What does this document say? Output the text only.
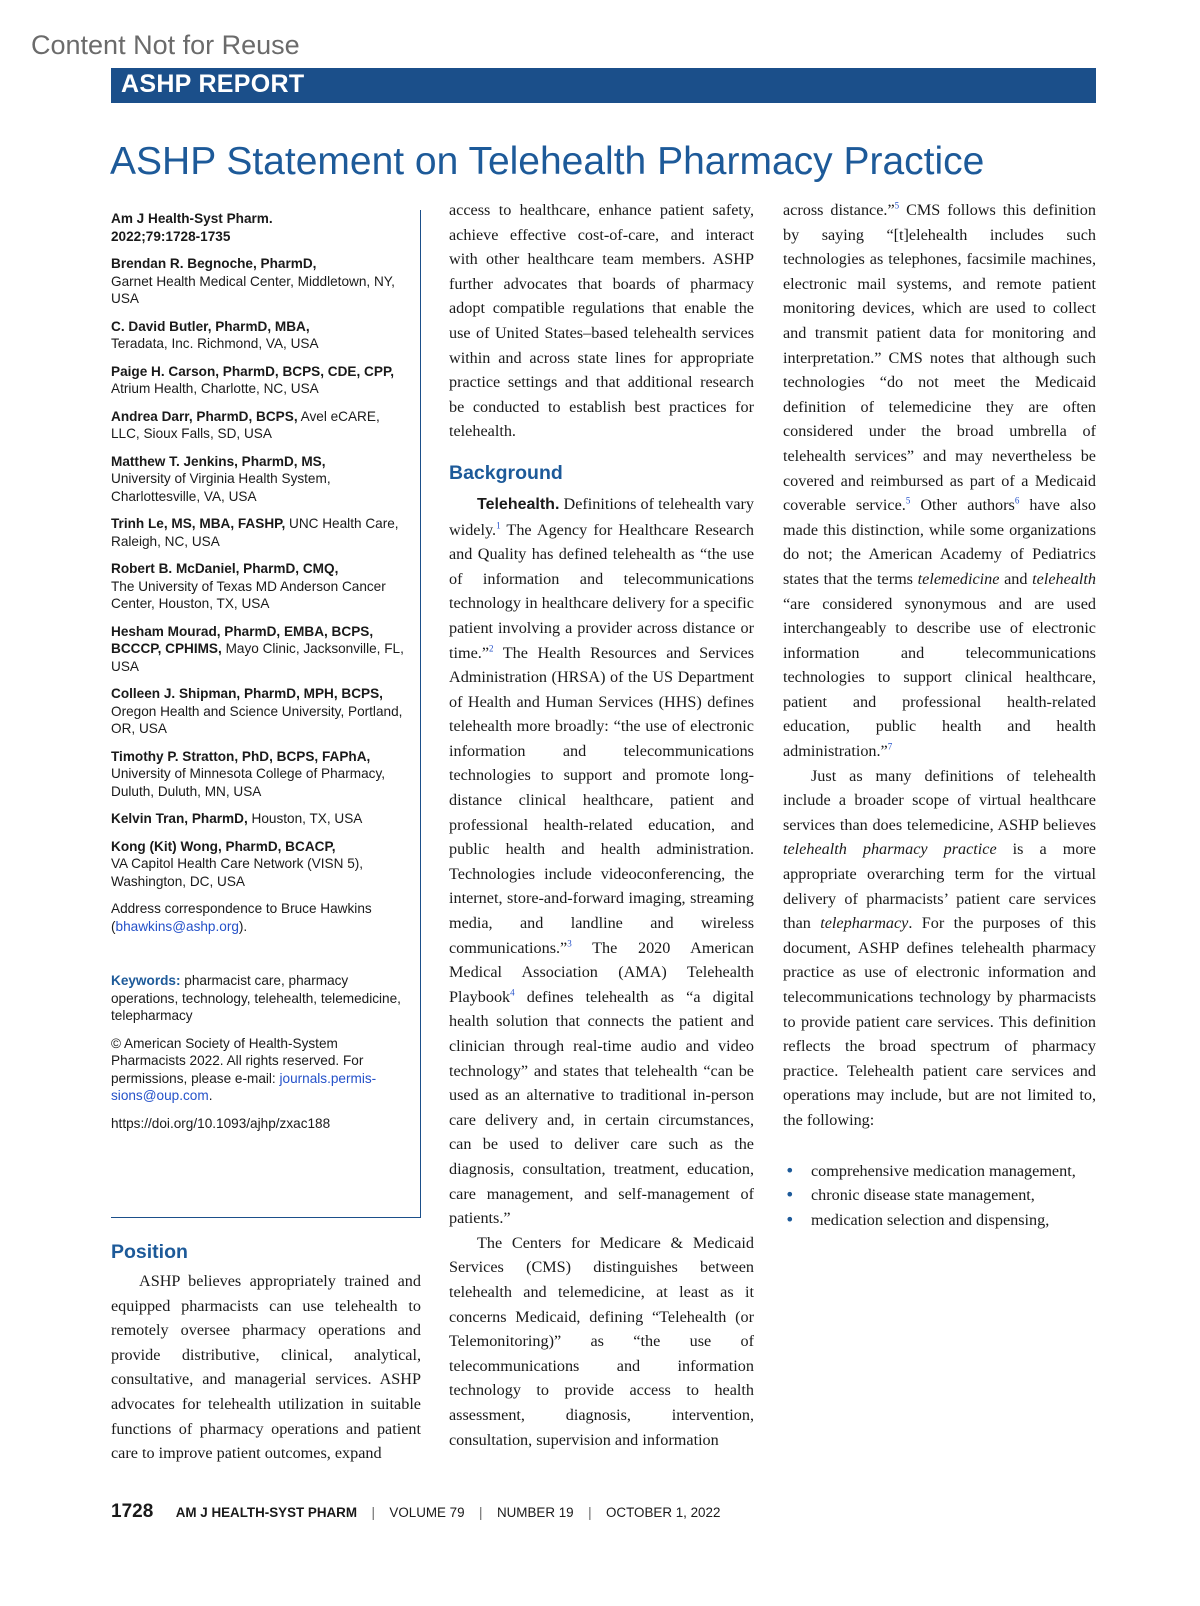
Content Not for Reuse
ASHP REPORT
ASHP Statement on Telehealth Pharmacy Practice

Am J Health-Syst Pharm.
2022;79:1728-1735

Brendan R. Begnoche, PharmD,
Garnet Health Medical Center, Middletown, NY, USA

C. David Butler, PharmD, MBA,
Teradata, Inc. Richmond, VA, USA

Paige H. Carson, PharmD, BCPS, CDE, CPP, Atrium Health, Charlotte, NC, USA

Andrea Darr, PharmD, BCPS, Avel eCARE, LLC, Sioux Falls, SD, USA

Matthew T. Jenkins, PharmD, MS,
University of Virginia Health System, Charlottesville, VA, USA

Trinh Le, MS, MBA, FASHP, UNC Health Care, Raleigh, NC, USA

Robert B. McDaniel, PharmD, CMQ,
The University of Texas MD Anderson Cancer Center, Houston, TX, USA

Hesham Mourad, PharmD, EMBA, BCPS, BCCCP, CPHIMS, Mayo Clinic, Jacksonville, FL, USA

Colleen J. Shipman, PharmD, MPH, BCPS, Oregon Health and Science University, Portland, OR, USA

Timothy P. Stratton, PhD, BCPS, FAPhA, University of Minnesota College of Pharmacy, Duluth, Duluth, MN, USA

Kelvin Tran, PharmD, Houston, TX, USA

Kong (Kit) Wong, PharmD, BCACP,
VA Capitol Health Care Network (VISN 5), Washington, DC, USA

Address correspondence to Bruce Hawkins (bhawkins@ashp.org).

Keywords: pharmacist care, pharmacy operations, technology, telehealth, telemedicine, telepharmacy

© American Society of Health-System Pharmacists 2022. All rights reserved. For permissions, please e-mail: journals.permis-sions@oup.com.

https://doi.org/10.1093/ajhp/zxac188

Position

ASHP believes appropriately trained and equipped pharmacists can use telehealth to remotely oversee pharmacy operations and provide distributive, clinical, analytical, consultative, and managerial services. ASHP advocates for telehealth utilization in suitable functions of pharmacy operations and patient care to improve patient outcomes, expand

access to healthcare, enhance patient safety, achieve effective cost-of-care, and interact with other healthcare team members. ASHP further advocates that boards of pharmacy adopt compatible regulations that enable the use of United States–based telehealth services within and across state lines for appropriate practice settings and that additional research be conducted to establish best practices for telehealth.

Background

Telehealth. Definitions of telehealth vary widely.$^1$ The Agency for Healthcare Research and Quality has defined telehealth as “the use of information and telecommunications technology in healthcare delivery for a specific patient involving a provider across distance or time.”$^2$ The Health Resources and Services Administration (HRSA) of the US Department of Health and Human Services (HHS) defines telehealth more broadly: “the use of electronic information and telecommunications technologies to support and promote long-distance clinical healthcare, patient and professional health-related education, and public health and health administration. Technologies include videoconferencing, the internet, store-and-forward imaging, streaming media, and landline and wireless communications.”$^3$ The 2020 American Medical Association (AMA) Telehealth Playbook$^4$ defines telehealth as “a digital health solution that connects the patient and clinician through real-time audio and video technology” and states that telehealth “can be used as an alternative to traditional in-person care delivery and, in certain circumstances, can be used to deliver care such as the diagnosis, consultation, treatment, education, care management, and self-management of patients.”

The Centers for Medicare & Medicaid Services (CMS) distinguishes between telehealth and telemedicine, at least as it concerns Medicaid, defining “Telehealth (or Telemonitoring)” as “the use of telecommunications and information technology to provide access to health assessment, diagnosis, intervention, consultation, supervision and information

across distance.”$^5$ CMS follows this definition by saying “[t]elehealth includes such technologies as telephones, facsimile machines, electronic mail systems, and remote patient monitoring devices, which are used to collect and transmit patient data for monitoring and interpretation.” CMS notes that although such technologies “do not meet the Medicaid definition of telemedicine they are often considered under the broad umbrella of telehealth services” and may nevertheless be covered and reimbursed as part of a Medicaid coverable service.$^5$ Other authors$^6$ have also made this distinction, while some organizations do not; the American Academy of Pediatrics states that the terms telemedicine and telehealth “are considered synonymous and are used interchangeably to describe use of electronic information and telecommunications technologies to support clinical healthcare, patient and professional health-related education, public health and health administration.”$^7$

Just as many definitions of telehealth include a broader scope of virtual healthcare services than does telemedicine, ASHP believes telehealth pharmacy practice is a more appropriate overarching term for the virtual delivery of pharmacists’ patient care services than telepharmacy. For the purposes of this document, ASHP defines telehealth pharmacy practice as use of electronic information and telecommunications technology by pharmacists to provide patient care services. This definition reflects the broad spectrum of pharmacy practice. Telehealth patient care services and operations may include, but are not limited to, the following:

• comprehensive medication management,
• chronic disease state management,
• medication selection and dispensing,
1728 AM J HEALTH-SYST PHARM | VOLUME 79 | NUMBER 19 | OCTOBER 1, 2022
